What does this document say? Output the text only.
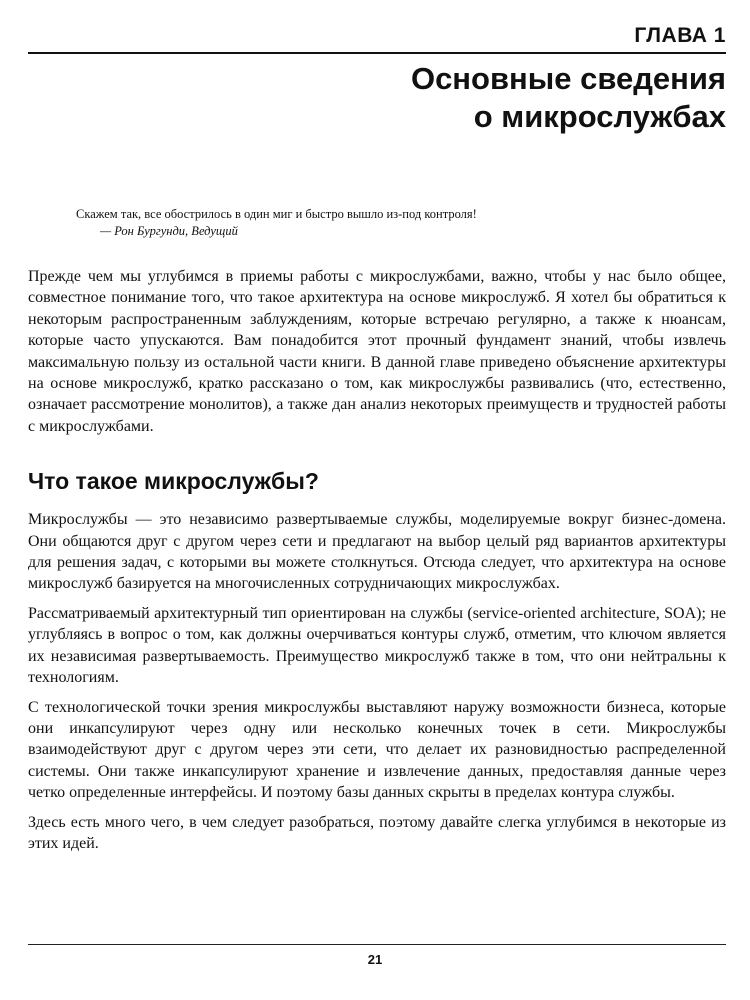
ГЛАВА 1
Основные сведения
о микрослужбах
Скажем так, все обострилось в один миг и быстро вышло из-под контроля!
— Рон Бургунди, Ведущий

Прежде чем мы углубимся в приемы работы с микрослужбами, важно, чтобы у нас было общее, совместное понимание того, что такое архитектура на основе микрослужб. Я хотел бы обратиться к некоторым распространенным заблуждениям, которые встречаю регулярно, а также к нюансам, которые часто упускаются. Вам понадобится этот прочный фундамент знаний, чтобы извлечь максимальную пользу из остальной части книги. В данной главе приведено объяснение архитектуры на основе микрослужб, кратко рассказано о том, как микрослужбы развивались (что, естественно, означает рассмотрение монолитов), а также дан анализ некоторых преимуществ и трудностей работы с микрослужбами.

Что такое микрослужбы?

Микрослужбы — это независимо развертываемые службы, моделируемые вокруг бизнес-домена. Они общаются друг с другом через сети и предлагают на выбор целый ряд вариантов архитектуры для решения задач, с которыми вы можете столкнуться. Отсюда следует, что архитектура на основе микрослужб базируется на многочисленных сотрудничающих микрослужбах.

Рассматриваемый архитектурный тип ориентирован на службы (service-oriented architecture, SOA); не углубляясь в вопрос о том, как должны очерчиваться контуры служб, отметим, что ключом является их независимая развертываемость. Преимущество микрослужб также в том, что они нейтральны к технологиям.

С технологической точки зрения микрослужбы выставляют наружу возможности бизнеса, которые они инкапсулируют через одну или несколько конечных точек в сети. Микрослужбы взаимодействуют друг с другом через эти сети, что делает их разновидностью распределенной системы. Они также инкапсулируют хранение и извлечение данных, предоставляя данные через четко определенные интерфейсы. И поэтому базы данных скрыты в пределах контура службы.

Здесь есть много чего, в чем следует разобраться, поэтому давайте слегка углубимся в некоторые из этих идей.

21
